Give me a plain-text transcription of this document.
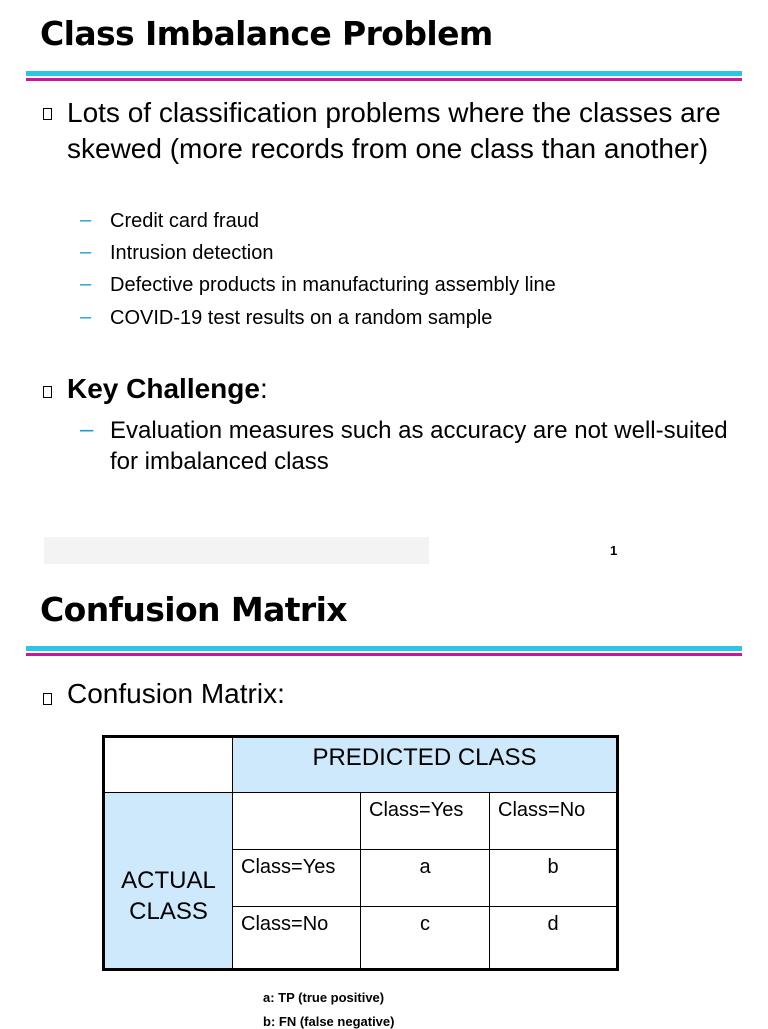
Class Imbalance Problem
Lots of classification problems where the classes are skewed (more records from one class than another)
– Credit card fraud
– Intrusion detection
– Defective products in manufacturing assembly line
– COVID-19 test results on a random sample
Key Challenge:
– Evaluation measures such as accuracy are not well-suited for imbalanced class
1
Confusion Matrix
Confusion Matrix:
	PREDICTED CLASS		
ACTUAL CLASS		Class=Yes	Class=No
	Class=Yes	a	b
	Class=No	c	d
a: TP (true positive)
b: FN (false negative)
